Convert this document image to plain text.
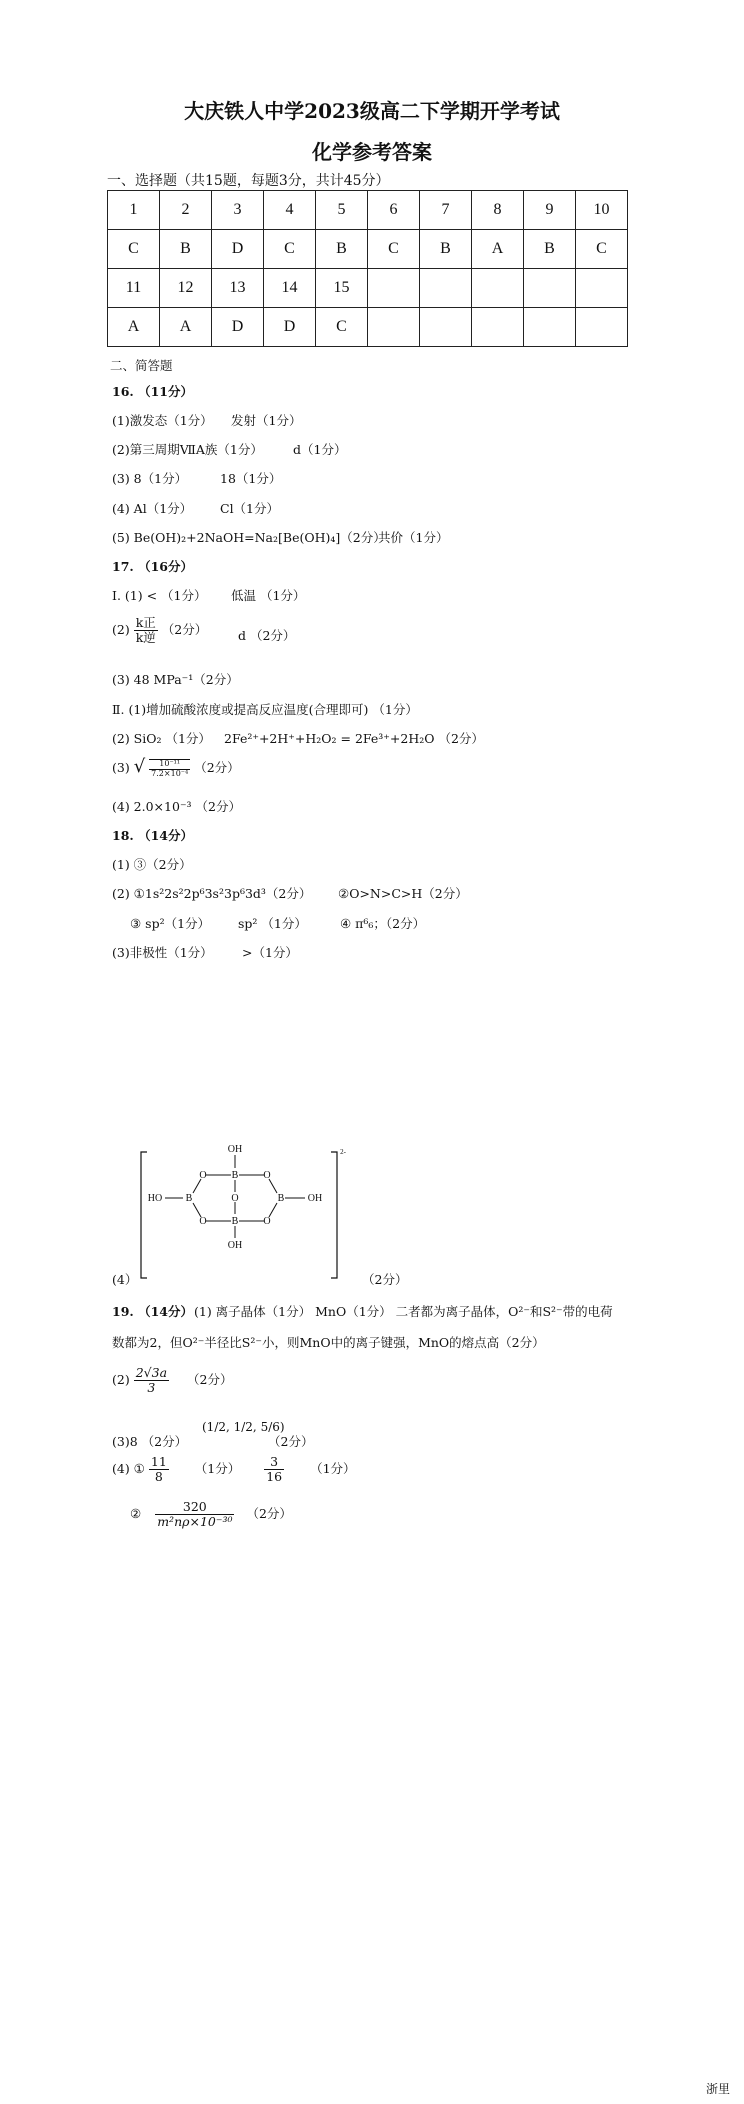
大庆铁人中学2023级高二下学期开学考试
化学参考答案
一、选择题（共15题，每题3分，共计45分）
1	2	3	4	5	6	7	8	9	10
C	B	D	C	B	C	B	A	B	C
11	12	13	14	15					
A	A	D	D	C					
二、简答题
16. （11分）
(1)激发态（1分） 发射（1分）
(2)第三周期ⅦA族（1分） d（1分）
(3) 8（1分）	18（1分）
(4) Al（1分） Cl（1分）
(5) Be(OH)₂+2NaOH=Na₂[Be(OH)₄]（2分）
共价（1分）
17. （16分）
Ⅰ. (1) < （1分） 低温 （1分）
$(2) \frac{\text{k正}}{\text{k逆}} (2$分） d （2分）
(3) 48 MPa⁻¹（2分）
Ⅱ. (1)增加硫酸浓度或提高反应温度(合理即可) （1分）
(2) SiO₂ （1分） 2Fe²⁺+2H⁺+H₂O₂ = 2Fe³⁺+2H₂O （2分）
(3) √ $\frac{\text{10⁻¹¹}}{\text{7.2×10⁻⁴}} (2$分）
(4) 2.0×10⁻³ （2分）
18. （14分）
(1) ③（2分）
(2) ①1s²2s²2p⁶3s²3p⁶3d³（2分） ②O>N>C>H（2分）
③ sp²（1分） sp² （1分）	④ π⁶₆；（2分）
(3)非极性（1分） >（1分）
(4）
2-
OH
B
O	O
O
HO B	B OH
O	B	O
OH
（2分）
19. （14分） (1) 离子晶体（1分） MnO（1分） 二者都为离子晶体，O²⁻和S²⁻带的电荷
数都为2，但O²⁻半径比S²⁻小，则MnO中的离子键强，MnO的熔点高（2分）
$(2) \frac{2√3a}{3} (2$分）
(3)8 （2分）
(1/2, 1/2, 5/6)
（2分）
(4) ① $\frac{11}{8} (1$分） $\frac{3}{16} (1$分）
② $\frac{320}{\text{m²nρ×10⁻³⁰}} (2$分）
浙里
